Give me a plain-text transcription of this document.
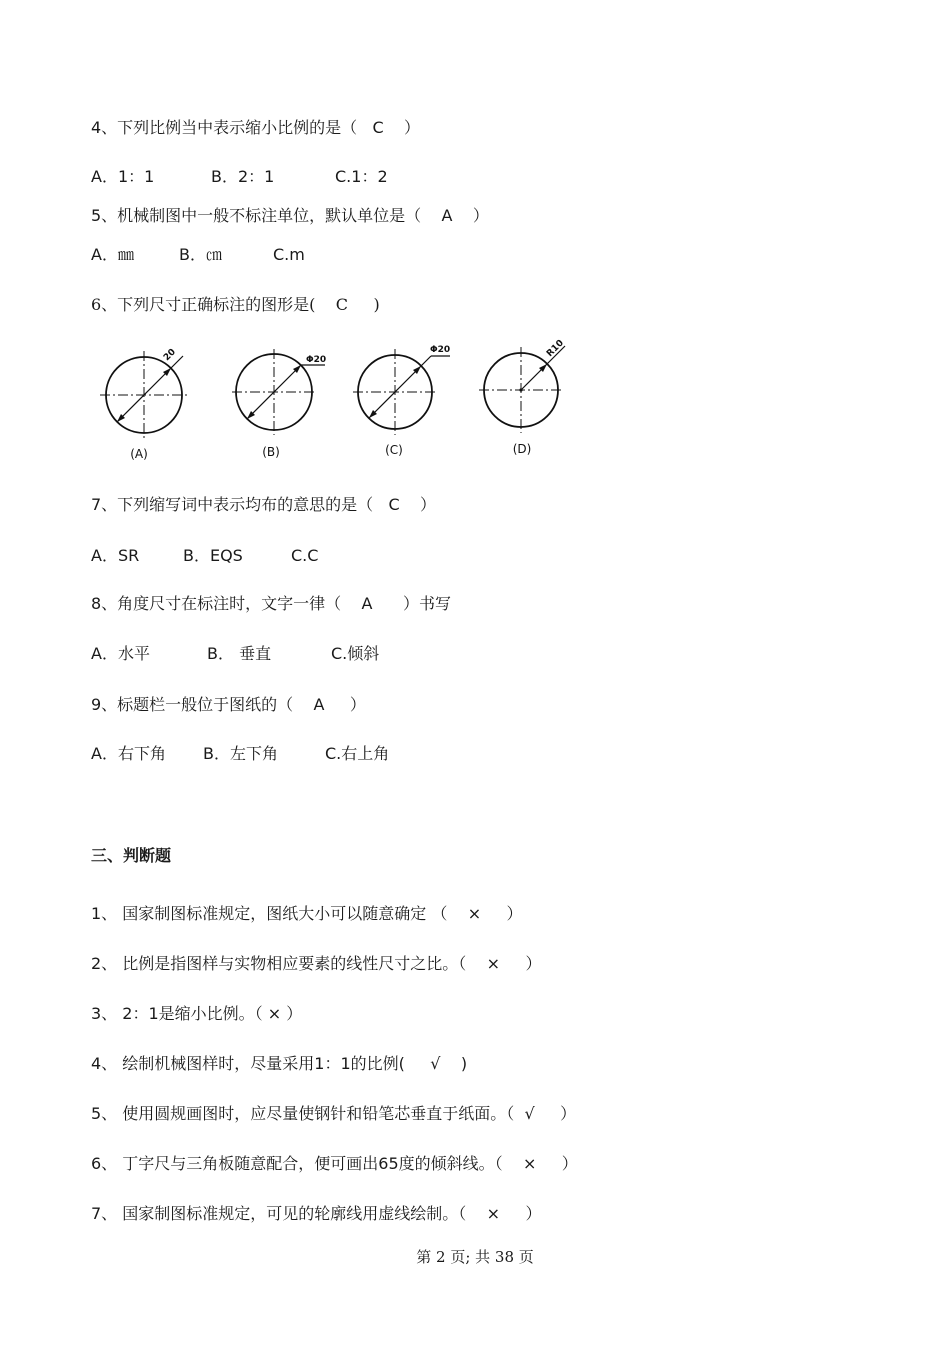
4、下列比例当中表示缩小比例的是（   C    ）

A．1：1

	B．2：1

	C.1：2

5、机械制图中一般不标注单位，默认单位是（    A    ）

A．㎜

	B．㎝

	C.m

6、下列尺寸正确标注的图形是(    C     )
20	Φ20
Φ20	R10
(A)	(B)	(C)	(D)
7、下列缩写词中表示均布的意思的是（   C    ）

A．SR

	B．EQS

	C.C

8、角度尺寸在标注时，文字一律（    A      ）书写

A．水平

	B． 垂直

	C.倾斜

9、标题栏一般位于图纸的（    A     ）

A．右下角

B．左下角

	C.右上角

三、判断题
1、 国家制图标准规定，图纸大小可以随意确定 （    ×     ）
2、 比例是指图样与实物相应要素的线性尺寸之比。（    ×     ）
3、 2：1是缩小比例。（ × ）
4、 绘制机械图样时，尽量采用1：1的比例(     √    )
5、 使用圆规画图时，应尽量使钢针和铅笔芯垂直于纸面。（  √     ）
6、 丁字尺与三角板随意配合，便可画出65度的倾斜线。（    ×     ）
7、 国家制图标准规定，可见的轮廓线用虚线绘制。（    ×     ）
第 2 页; 共 38 页
